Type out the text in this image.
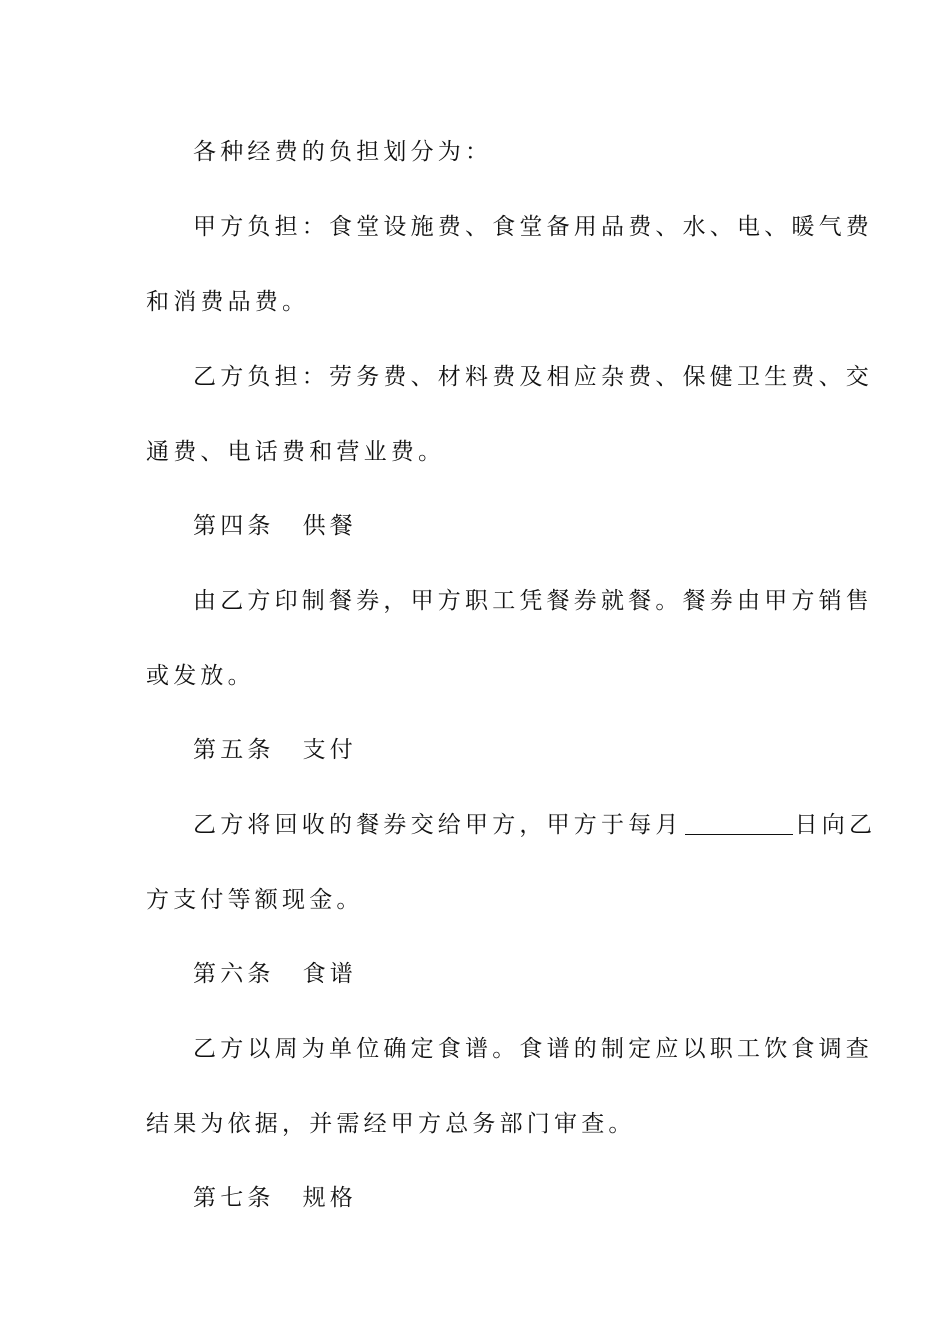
各种经费的负担划分为：
甲方负担：食堂设施费、食堂备用品费、水、电、暖气费
和消费品费。
乙方负担：劳务费、材料费及相应杂费、保健卫生费、交
通费、电话费和营业费。
第四条 供餐
由乙方印制餐券，甲方职工凭餐券就餐。餐券由甲方销售
或发放。
第五条 支付
乙方将回收的餐券交给甲方，甲方于每月	日向乙
方支付等额现金。
第六条 食谱
乙方以周为单位确定食谱。食谱的制定应以职工饮食调查
结果为依据，并需经甲方总务部门审查。
第七条 规格
